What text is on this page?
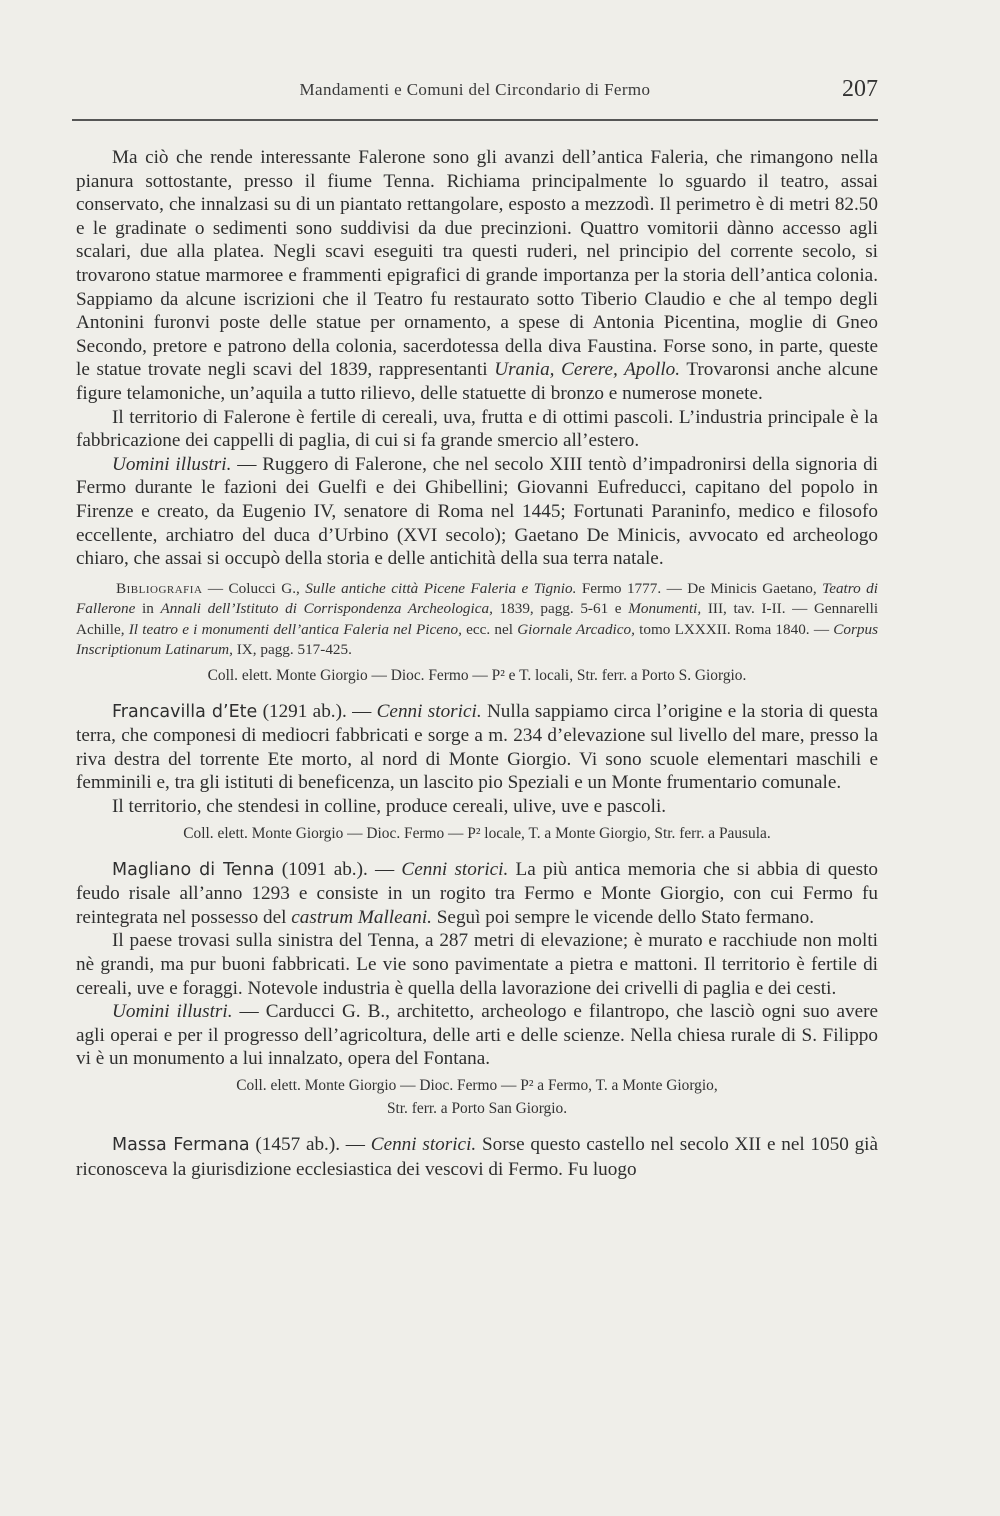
Mandamenti e Comuni del Circondario di Fermo	207

Ma ciò che rende interessante Falerone sono gli avanzi dell’antica Faleria, che rimangono nella pianura sottostante, presso il fiume Tenna. Richiama principalmente lo sguardo il teatro, assai conservato, che innalzasi su di un piantato rettangolare, esposto a mezzodì. Il perimetro è di metri 82.50 e le gradinate o sedimenti sono suddivisi da due precinzioni. Quattro vomitorii dànno accesso agli scalari, due alla platea. Negli scavi eseguiti tra questi ruderi, nel principio del corrente secolo, si trovarono statue marmoree e frammenti epigrafici di grande importanza per la storia dell’antica colonia. Sappiamo da alcune iscrizioni che il Teatro fu restaurato sotto Tiberio Claudio e che al tempo degli Antonini furonvi poste delle statue per ornamento, a spese di Antonia Picentina, moglie di Gneo Secondo, pretore e patrono della colonia, sacerdotessa della diva Faustina. Forse sono, in parte, queste le statue trovate negli scavi del 1839, rappresentanti Urania, Cerere, Apollo. Trovaronsi anche alcune figure telamoniche, un’aquila a tutto rilievo, delle statuette di bronzo e numerose monete.

Il territorio di Falerone è fertile di cereali, uva, frutta e di ottimi pascoli. L’industria principale è la fabbricazione dei cappelli di paglia, di cui si fa grande smercio all’estero.

Uomini illustri. — Ruggero di Falerone, che nel secolo XIII tentò d’impadronirsi della signoria di Fermo durante le fazioni dei Guelfi e dei Ghibellini; Giovanni Eufreducci, capitano del popolo in Firenze e creato, da Eugenio IV, senatore di Roma nel 1445; Fortunati Paraninfo, medico e filosofo eccellente, archiatro del duca d’Urbino (XVI secolo); Gaetano De Minicis, avvocato ed archeologo chiaro, che assai si occupò della storia e delle antichità della sua terra natale.

Bibliografia — Colucci G., Sulle antiche città Picene Faleria e Tignio. Fermo 1777. — De Minicis Gaetano, Teatro di Fallerone in Annali dell’Istituto di Corrispondenza Archeologica, 1839, pagg. 5-61 e Monumenti, III, tav. I-II. — Gennarelli Achille, Il teatro e i monumenti dell’antica Faleria nel Piceno, ecc. nel Giornale Arcadico, tomo LXXXII. Roma 1840. — Corpus Inscriptionum Latinarum, IX, pagg. 517-425.

Coll. elett. Monte Giorgio — Dioc. Fermo — P² e T. locali, Str. ferr. a Porto S. Giorgio.

Francavilla d’Ete (1291 ab.). — Cenni storici. Nulla sappiamo circa l’origine e la storia di questa terra, che componesi di mediocri fabbricati e sorge a m. 234 d’elevazione sul livello del mare, presso la riva destra del torrente Ete morto, al nord di Monte Giorgio. Vi sono scuole elementari maschili e femminili e, tra gli istituti di beneficenza, un lascito pio Speziali e un Monte frumentario comunale.

Il territorio, che stendesi in colline, produce cereali, ulive, uve e pascoli.

Coll. elett. Monte Giorgio — Dioc. Fermo — P² locale, T. a Monte Giorgio, Str. ferr. a Pausula.

Magliano di Tenna (1091 ab.). — Cenni storici. La più antica memoria che si abbia di questo feudo risale all’anno 1293 e consiste in un rogito tra Fermo e Monte Giorgio, con cui Fermo fu reintegrata nel possesso del castrum Malleani. Seguì poi sempre le vicende dello Stato fermano.

Il paese trovasi sulla sinistra del Tenna, a 287 metri di elevazione; è murato e racchiude non molti nè grandi, ma pur buoni fabbricati. Le vie sono pavimentate a pietra e mattoni. Il territorio è fertile di cereali, uve e foraggi. Notevole industria è quella della lavorazione dei crivelli di paglia e dei cesti.

Uomini illustri. — Carducci G. B., architetto, archeologo e filantropo, che lasciò ogni suo avere agli operai e per il progresso dell’agricoltura, delle arti e delle scienze. Nella chiesa rurale di S. Filippo vi è un monumento a lui innalzato, opera del Fontana.

Coll. elett. Monte Giorgio — Dioc. Fermo — P² a Fermo, T. a Monte Giorgio,

Str. ferr. a Porto San Giorgio.

Massa Fermana (1457 ab.). — Cenni storici. Sorse questo castello nel secolo XII e nel 1050 già riconosceva la giurisdizione ecclesiastica dei vescovi di Fermo. Fu luogo
